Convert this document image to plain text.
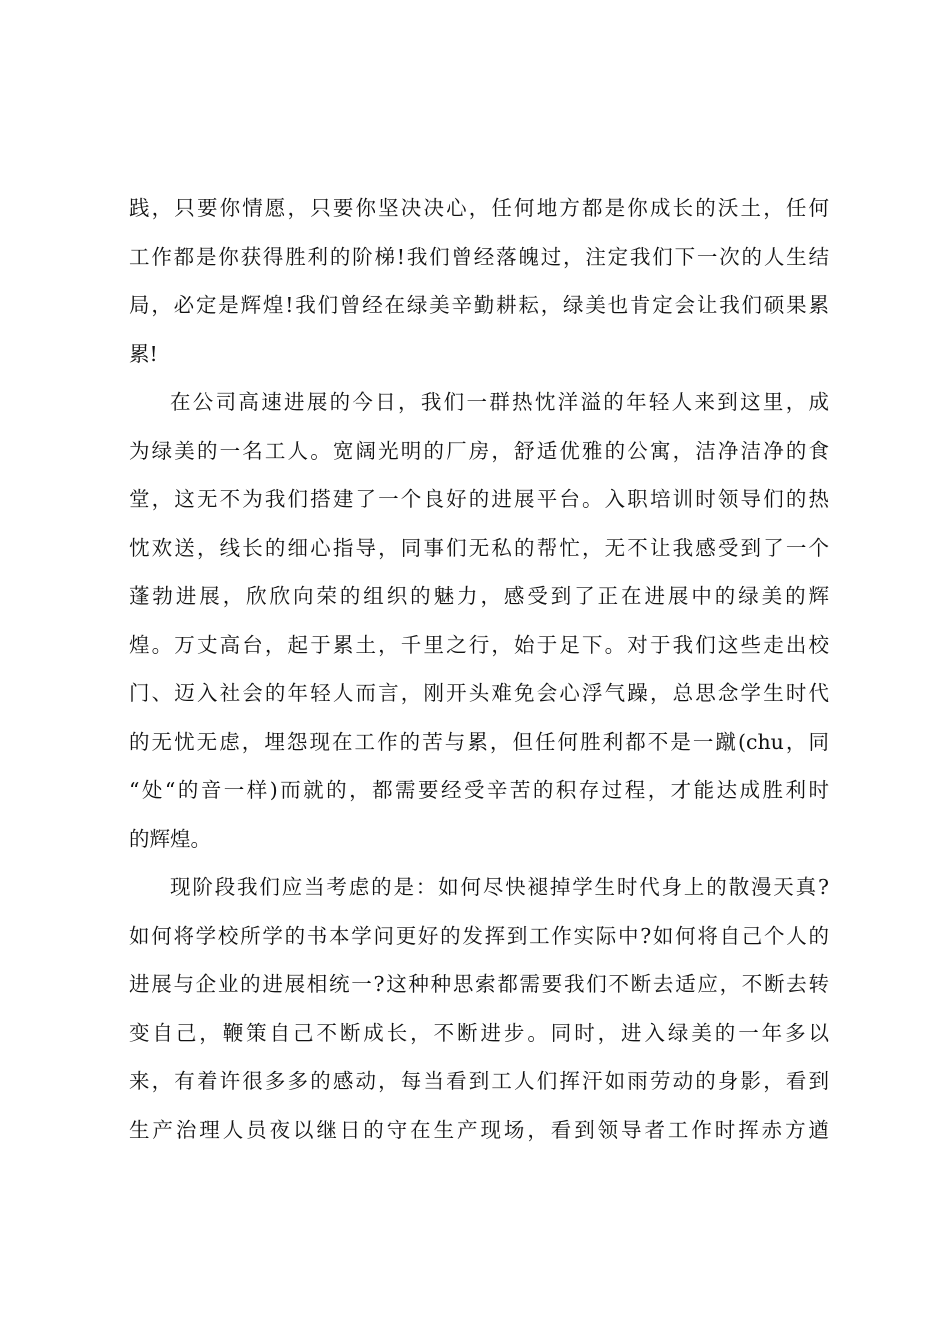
践，只要你情愿，只要你坚决决心，任何地方都是你成长的沃土，任何
工作都是你获得胜利的阶梯!我们曾经落魄过，注定我们下一次的人生结
局，必定是辉煌!我们曾经在绿美辛勤耕耘，绿美也肯定会让我们硕果累
累!
在公司高速进展的今日，我们一群热忱洋溢的年轻人来到这里，成
为绿美的一名工人。宽阔光明的厂房，舒适优雅的公寓，洁净洁净的食
堂，这无不为我们搭建了一个良好的进展平台。入职培训时领导们的热
忱欢送，线长的细心指导，同事们无私的帮忙，无不让我感受到了一个
蓬勃进展，欣欣向荣的组织的魅力，感受到了正在进展中的绿美的辉
煌。万丈高台，起于累土，千里之行，始于足下。对于我们这些走出校
门、迈入社会的年轻人而言，刚开头难免会心浮气躁，总思念学生时代
的无忧无虑，埋怨现在工作的苦与累，但任何胜利都不是一蹴(chu，同
“处“的音一样)而就的，都需要经受辛苦的积存过程，才能达成胜利时
的辉煌。
现阶段我们应当考虑的是：如何尽快褪掉学生时代身上的散漫天真?
如何将学校所学的书本学问更好的发挥到工作实际中?如何将自己个人的
进展与企业的进展相统一?这种种思索都需要我们不断去适应，不断去转
变自己，鞭策自己不断成长，不断进步。同时，进入绿美的一年多以
来，有着许很多多的感动，每当看到工人们挥汗如雨劳动的身影，看到
生产治理人员夜以继日的守在生产现场，看到领导者工作时挥赤方遒
